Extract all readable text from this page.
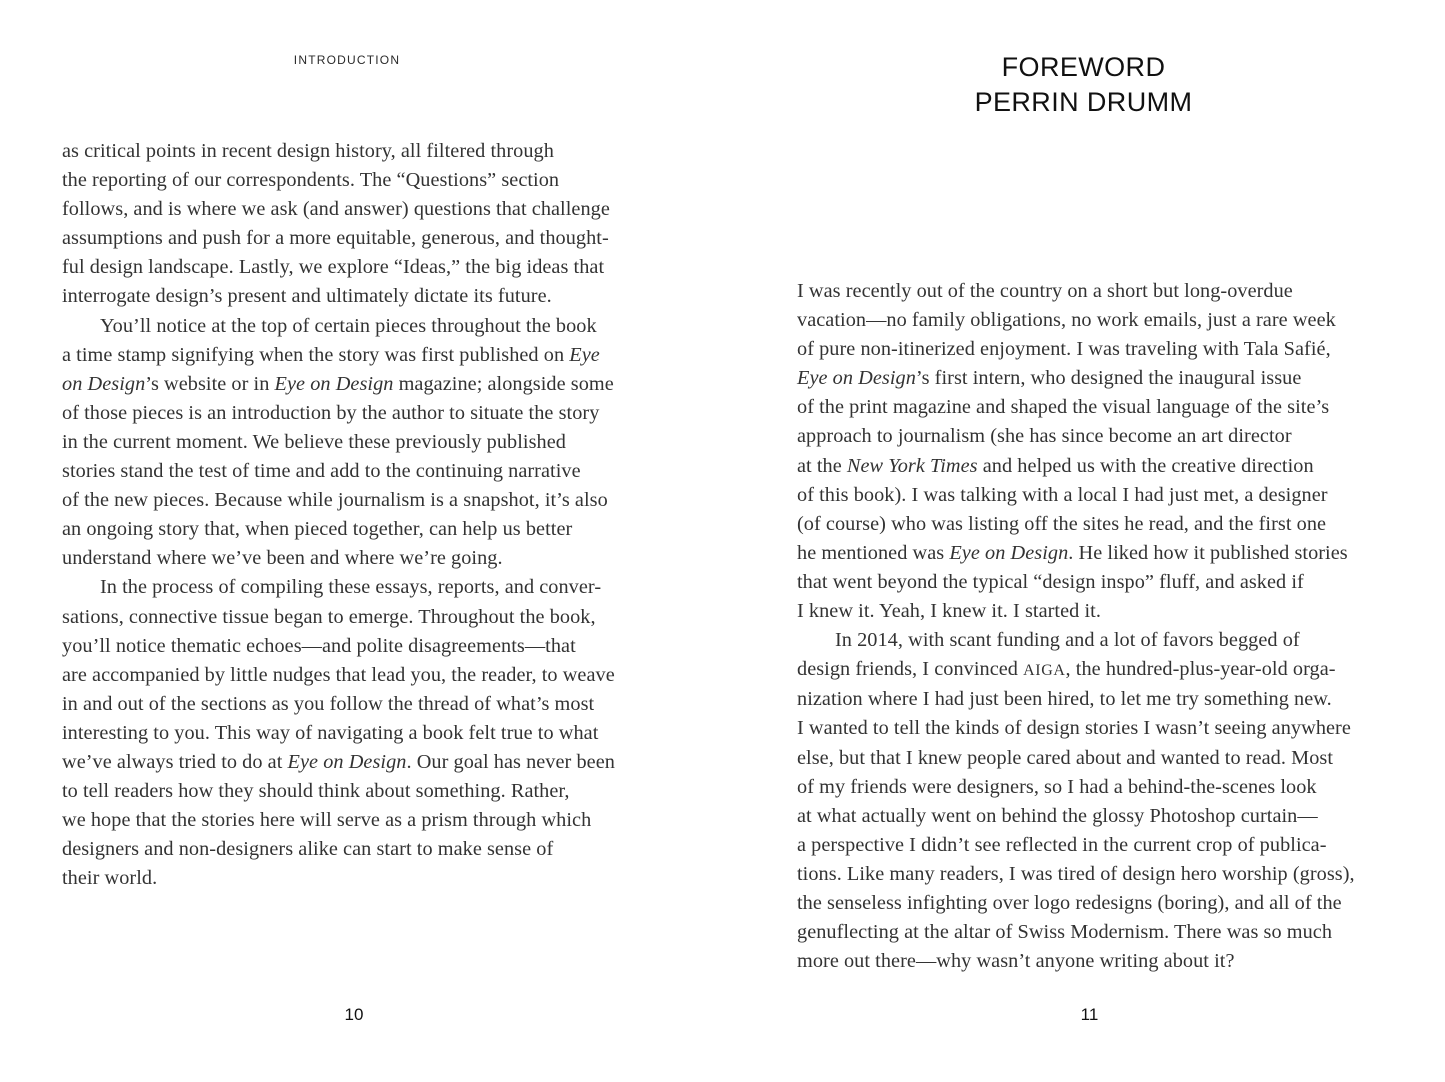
INTRODUCTION
as critical points in recent design history, all filtered through
the reporting of our correspondents. The “Questions” section
follows, and is where we ask (and answer) questions that challenge
assumptions and push for a more equitable, generous, and thought-
ful design landscape. Lastly, we explore “Ideas,” the big ideas that
interrogate design’s present and ultimately dictate its future.
You’ll notice at the top of certain pieces throughout the book
a time stamp signifying when the story was first published on Eye
on Design’s website or in Eye on Design magazine; alongside some
of those pieces is an introduction by the author to situate the story
in the current moment. We believe these previously published
stories stand the test of time and add to the continuing narrative
of the new pieces. Because while journalism is a snapshot, it’s also
an ongoing story that, when pieced together, can help us better
understand where we’ve been and where we’re going.
In the process of compiling these essays, reports, and conver-
sations, connective tissue began to emerge. Throughout the book,
you’ll notice thematic echoes—and polite disagreements—that
are accompanied by little nudges that lead you, the reader, to weave
in and out of the sections as you follow the thread of what’s most
interesting to you. This way of navigating a book felt true to what
we’ve always tried to do at Eye on Design. Our goal has never been
to tell readers how they should think about something. Rather,
we hope that the stories here will serve as a prism through which
designers and non-designers alike can start to make sense of
their world.
10
FOREWORD
PERRIN DRUMM
I was recently out of the country on a short but long-overdue
vacation—no family obligations, no work emails, just a rare week
of pure non-itinerized enjoyment. I was traveling with Tala Safié,
Eye on Design’s first intern, who designed the inaugural issue
of the print magazine and shaped the visual language of the site’s
approach to journalism (she has since become an art director
at the New York Times and helped us with the creative direction
of this book). I was talking with a local I had just met, a designer
(of course) who was listing off the sites he read, and the first one
he mentioned was Eye on Design. He liked how it published stories
that went beyond the typical “design inspo” fluff, and asked if
I knew it. Yeah, I knew it. I started it.
In 2014, with scant funding and a lot of favors begged of
design friends, I convinced AIGA, the hundred-plus-year-old orga-
nization where I had just been hired, to let me try something new.
I wanted to tell the kinds of design stories I wasn’t seeing anywhere
else, but that I knew people cared about and wanted to read. Most
of my friends were designers, so I had a behind-the-scenes look
at what actually went on behind the glossy Photoshop curtain—
a perspective I didn’t see reflected in the current crop of publica-
tions. Like many readers, I was tired of design hero worship (gross),
the senseless infighting over logo redesigns (boring), and all of the
genuflecting at the altar of Swiss Modernism. There was so much
more out there—why wasn’t anyone writing about it?
11
